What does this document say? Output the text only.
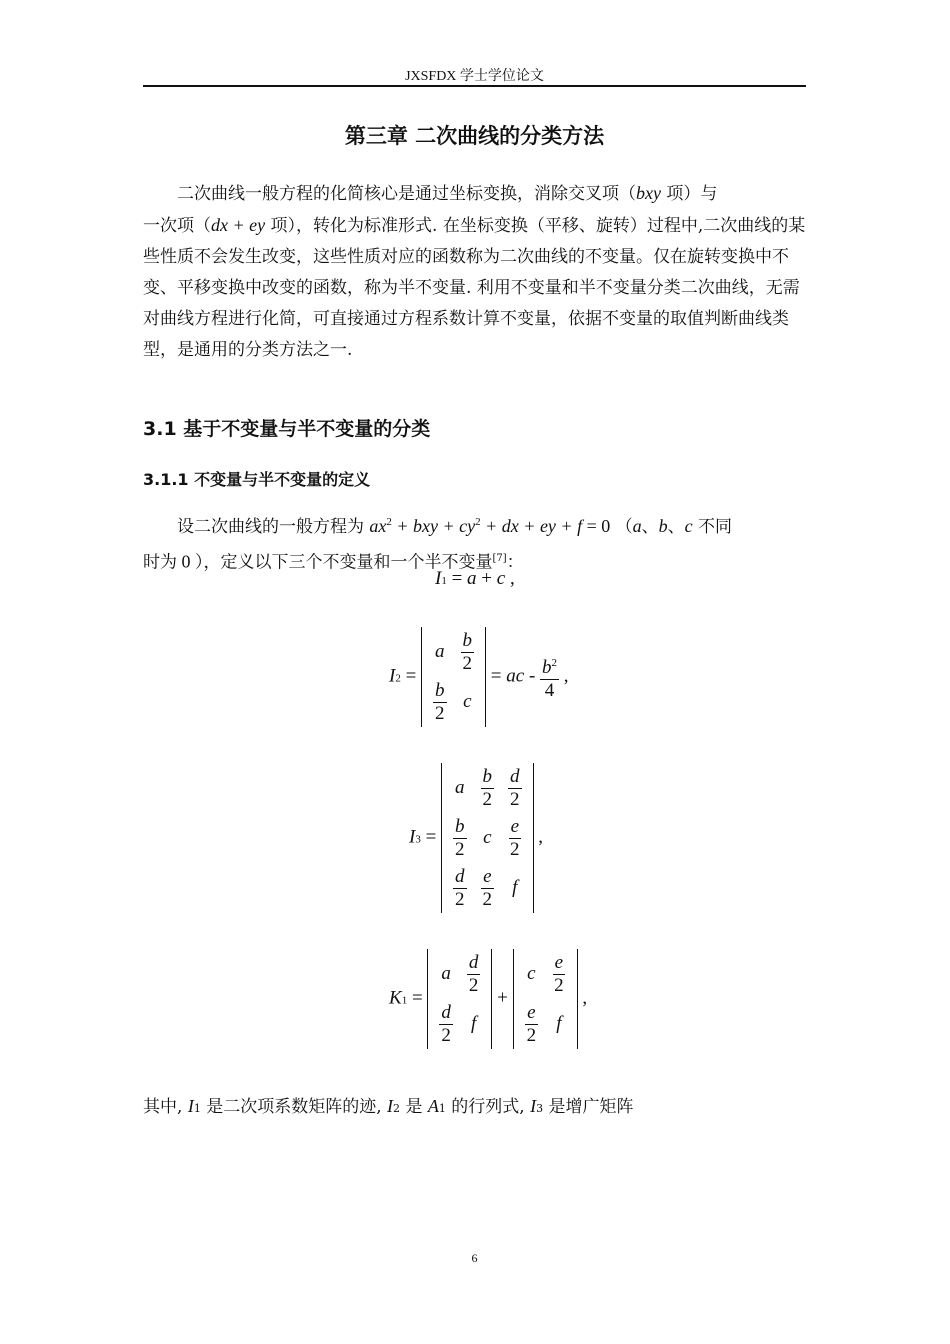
JXSFDX 学士学位论文
第三章 二次曲线的分类方法
二次曲线一般方程的化简核心是通过坐标变换，消除交叉项（bxy 项）与
一次项（dx + ey 项），转化为标准形式. 在坐标变换（平移、旋转）过程中,二次曲线的某些性质不会发生改变，这些性质对应的函数称为二次曲线的不变量。仅在旋转变换中不变、平移变换中改变的函数，称为半不变量. 利用不变量和半不变量分类二次曲线，无需对曲线方程进行化简，可直接通过方程系数计算不变量，依据不变量的取值判断曲线类型，是通用的分类方法之一.
3.1 基于不变量与半不变量的分类
3.1.1 不变量与半不变量的定义
设二次曲线的一般方程为 $ax^2$ + bxy + $cy^2$ + dx + ey + f = 0 （a、b、c 不同
时为 0 ），定义以下三个不变量和一个半不变量[7]：
I1 = a + c ,
I2 =
a	$\frac{b}{2}$

$\frac{b}{2}$	c
= ac - $\frac{b^2}{4}$ ,
I3 =
a	$\frac{b}{2}$	$\frac{d}{2}$

$\frac{b}{2}$	c	$\frac{e}{2}$

$\frac{d}{2}$	$\frac{e}{2}$	f
,
K1 =
a	$\frac{d}{2}$

$\frac{d}{2}$	f
+
c	$\frac{e}{2}$

$\frac{e}{2}$	f
,
其中, I1 是二次项系数矩阵的迹, I2 是 A1 的行列式, I3 是增广矩阵
6
